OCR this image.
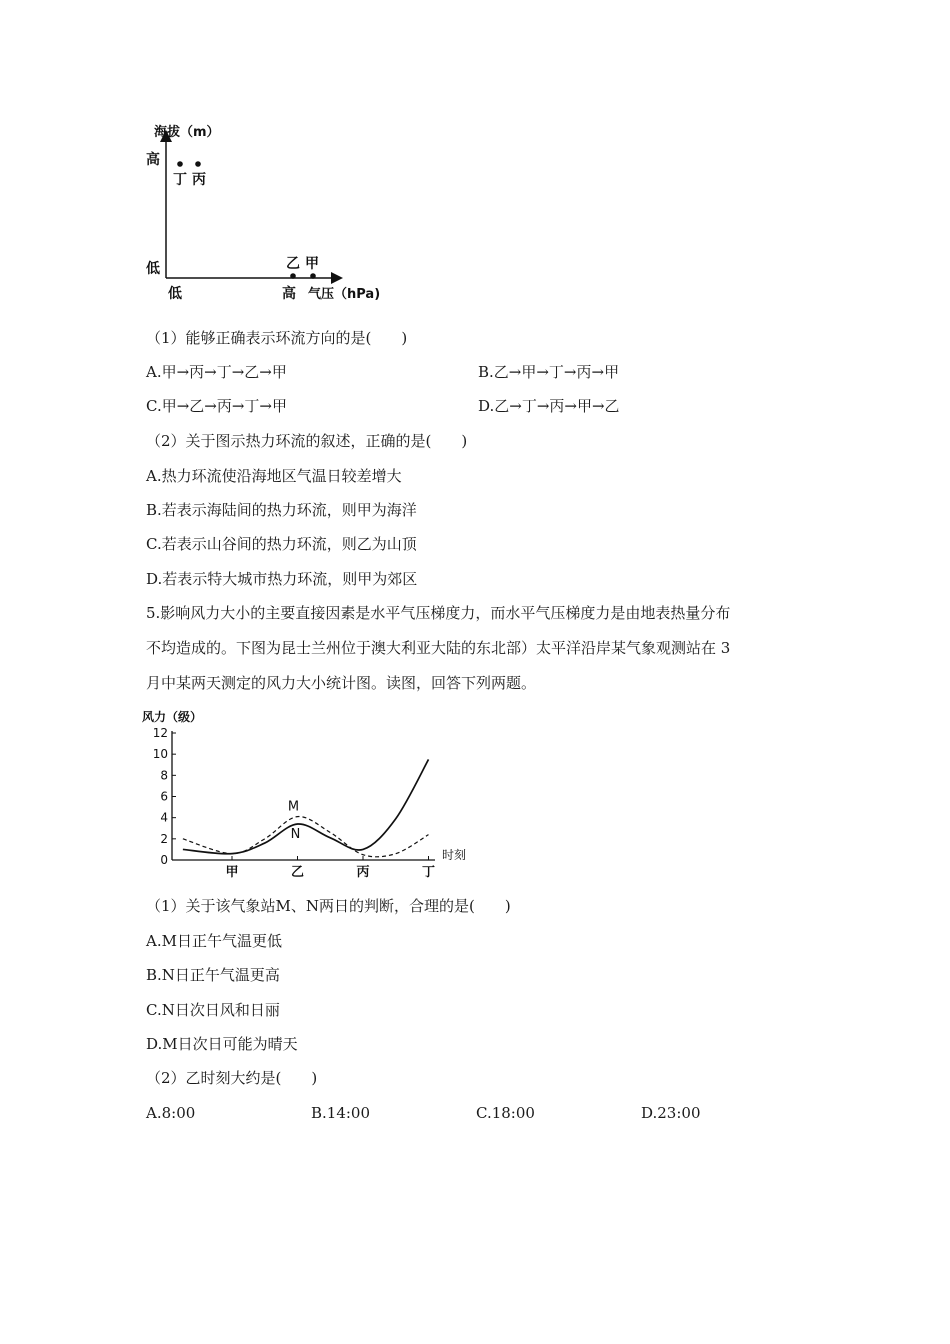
海拔（m）
高
低
低	高 气压（hPa)
丁 丙
乙 甲
（1）能够正确表示环流方向的是(　　)
A.甲→丙→丁→乙→甲	B.乙→甲→丁→丙→甲
C.甲→乙→丙→丁→甲	D.乙→丁→丙→甲→乙
（2）关于图示热力环流的叙述，正确的是(　　)
A.热力环流使沿海地区气温日较差增大
B.若表示海陆间的热力环流，则甲为海洋
C.若表示山谷间的热力环流，则乙为山顶
D.若表示特大城市热力环流，则甲为郊区
5.影响风力大小的主要直接因素是水平气压梯度力，而水平气压梯度力是由地表热量分布
不均造成的。下图为昆士兰州位于澳大利亚大陆的东北部）太平洋沿岸某气象观测站在 3
月中某两天测定的风力大小统计图。读图，回答下列两题。
风力（级）
时刻
0
2
4
6
8
10
12
甲	乙	丙	丁
M
N
（1）关于该气象站M、N两日的判断，合理的是(　　)
A.M日正午气温更低
B.N日正午气温更高
C.N日次日风和日丽
D.M日次日可能为晴天
（2）乙时刻大约是(　　)
A.8:00	B.14:00	C.18:00	D.23:00
